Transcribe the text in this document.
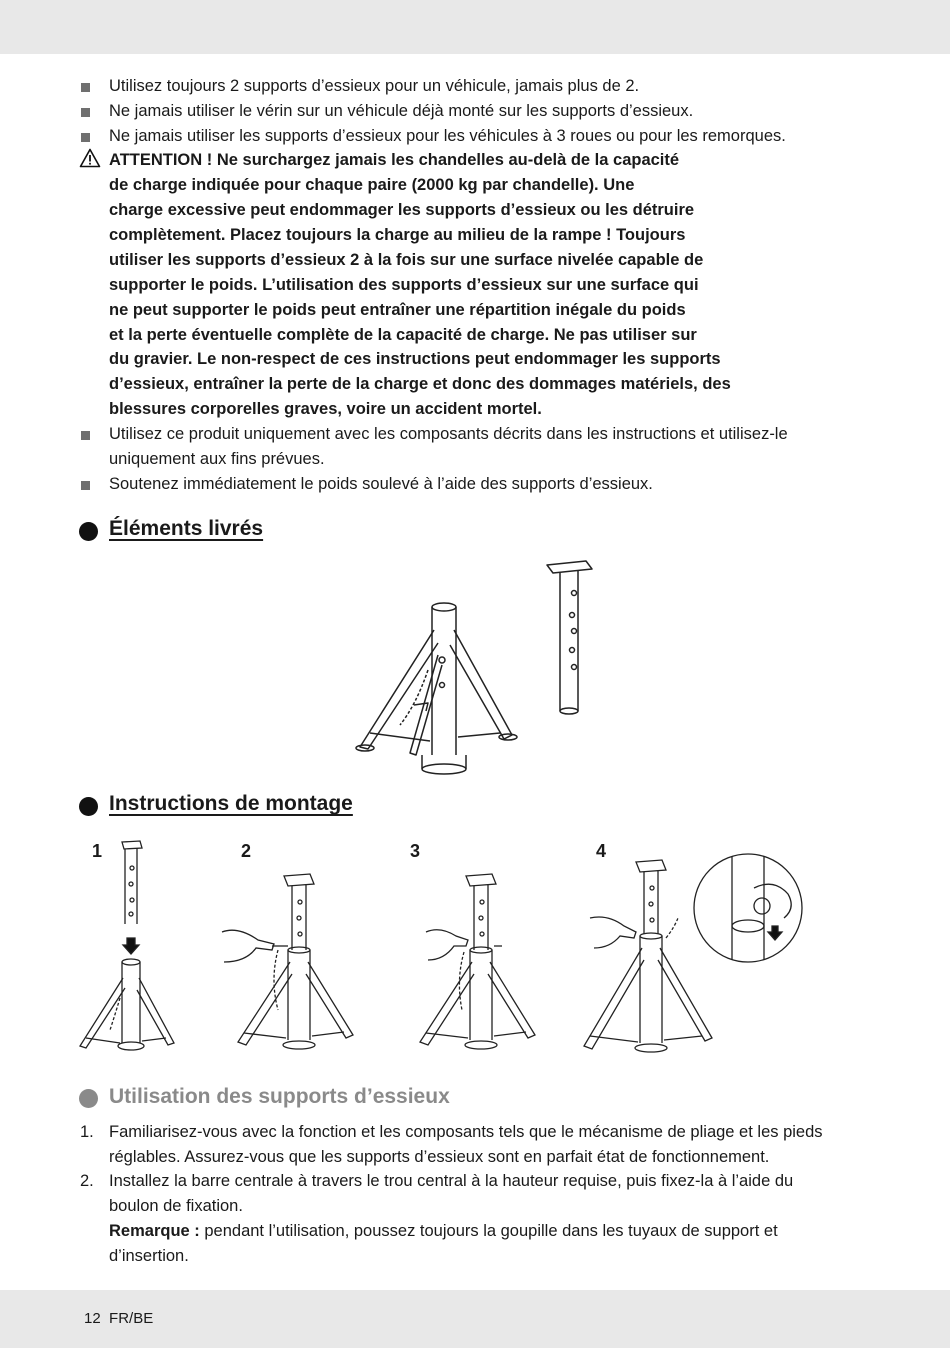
Utilisez toujours 2 supports d’essieux pour un véhicule, jamais plus de 2.
Ne jamais utiliser le vérin sur un véhicule déjà monté sur les supports d’essieux.
Ne jamais utiliser les supports d’essieux pour les véhicules à 3 roues ou pour les remorques.
ATTENTION ! Ne surchargez jamais les chandelles au-delà de la capacité
de charge indiquée pour chaque paire (2000 kg par chandelle). Une
charge excessive peut endommager les supports d’essieux ou les détruire
complètement. Placez toujours la charge au milieu de la rampe ! Toujours
utiliser les supports d’essieux 2 à la fois sur une surface nivelée capable de
supporter le poids. L’utilisation des supports d’essieux sur une surface qui
ne peut supporter le poids peut entraîner une répartition inégale du poids
et la perte éventuelle complète de la capacité de charge. Ne pas utiliser sur
du gravier. Le non-respect de ces instructions peut endommager les supports
d’essieux, entraîner la perte de la charge et donc des dommages matériels, des
blessures corporelles graves, voire un accident mortel.
Utilisez ce produit uniquement avec les composants décrits dans les instructions et utilisez-le
uniquement aux fins prévues.
Soutenez immédiatement le poids soulevé à l’aide des supports d’essieux.
Éléments livrés
Instructions de montage
1	2	3	4
Utilisation des supports d’essieux
1. Familiarisez-vous avec la fonction et les composants tels que le mécanisme de pliage et les pieds
réglables. Assurez-vous que les supports d’essieux sont en parfait état de fonctionnement.
2. Installez la barre centrale à travers le trou central à la hauteur requise, puis fixez-la à l’aide du
boulon de fixation.
Remarque : pendant l’utilisation, poussez toujours la goupille dans les tuyaux de support et
d’insertion.
12 FR/BE
